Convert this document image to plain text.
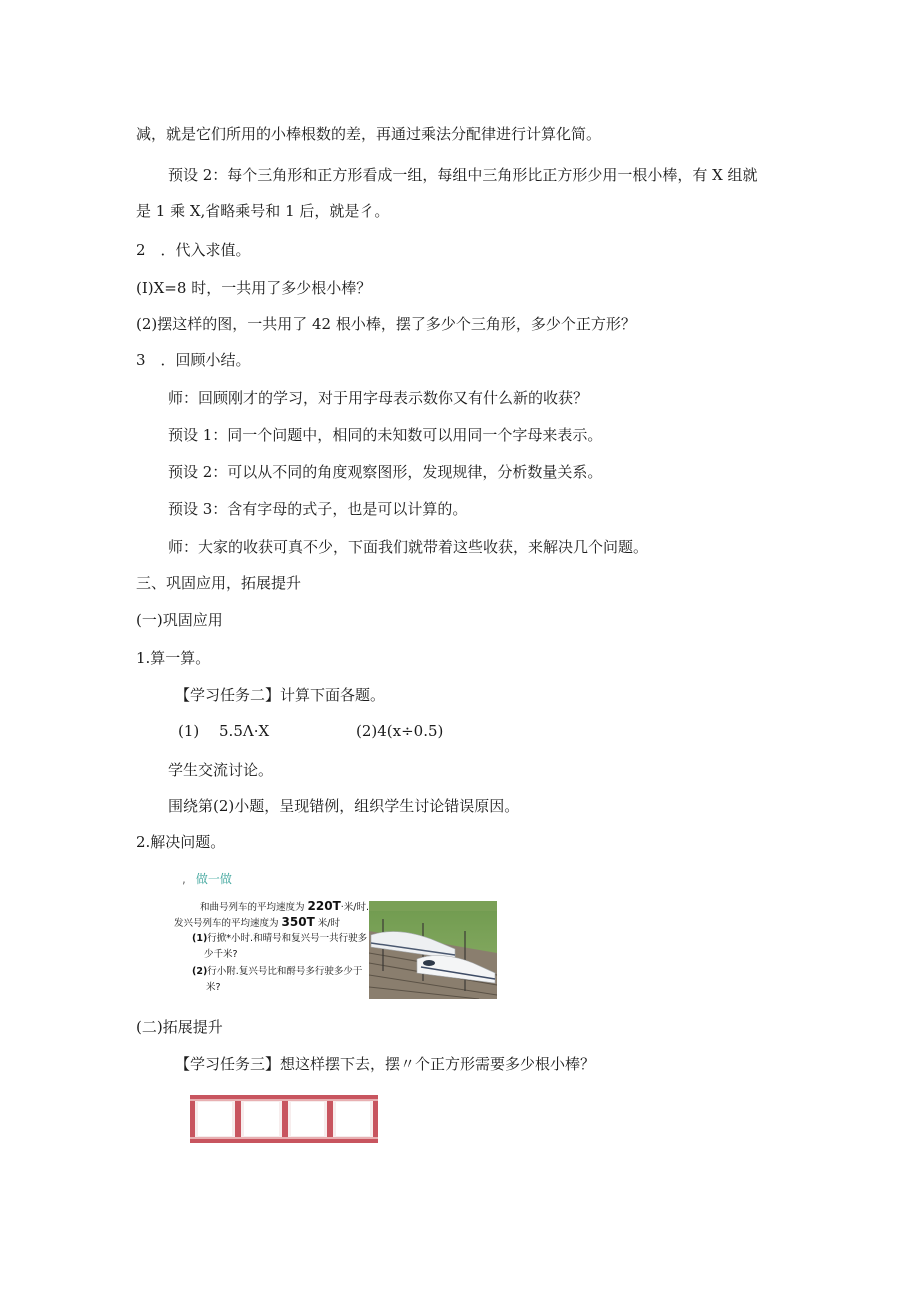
减，就是它们所用的小棒根数的差，再通过乘法分配律进行计算化简。
预设 2：每个三角形和正方形看成一组，每组中三角形比正方形少用一根小棒，有 X 组就
是 1 乘 X,省略乘号和 1 后，就是彳。
2　．代入求值。
(I)X=8 时，一共用了多少根小棒？
(2)摆这样的图，一共用了 42 根小棒，摆了多少个三角形，多少个正方形？
3　．回顾小结。
师：回顾刚才的学习，对于用字母表示数你又有什么新的收获？
预设 1：同一个问题中，相同的未知数可以用同一个字母来表示。
预设 2：可以从不同的角度观察图形，发现规律，分析数量关系。
预设 3：含有字母的式子，也是可以计算的。
师：大家的收获可真不少，下面我们就带着这些收获，来解决几个问题。
三、巩固应用，拓展提升
(一)巩固应用
1.算一算。
【学习任务二】计算下面各题。
(1)　 5.5Λ·X	(2)4(x÷0.5)
学生交流讨论。
围绕第(2)小题，呈现错例，组织学生讨论错误原因。
2.解决问题。
, 做一做
和曲号列车的平均速度为 220T·米/时.
发兴号列车的平均速度为 350T 米/时
(1)行掀*小时.和晴号和复兴号一共行驶多
少千米?
(2)行小附.复兴号比和酹号多行驶多少于
米?
(二)拓展提升
【学习任务三】想这样摆下去，摆〃个正方形需要多少根小棒？
